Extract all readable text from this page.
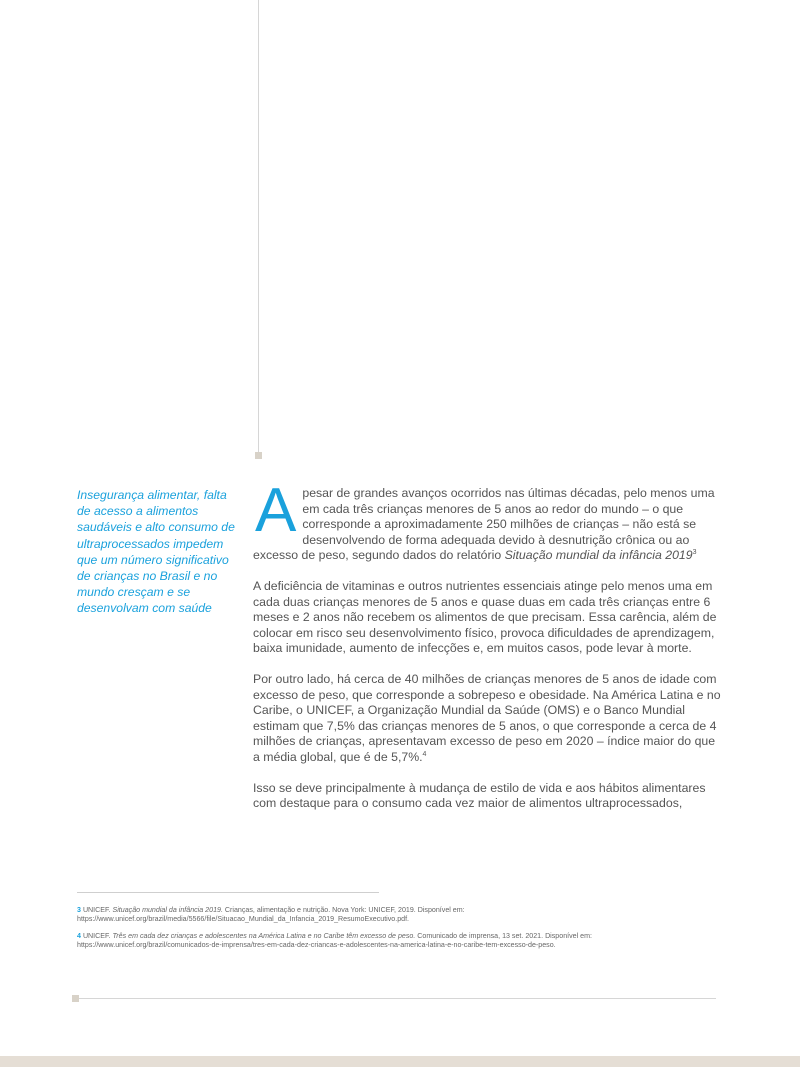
Insegurança alimentar, falta de acesso a alimentos saudáveis e alto consumo de ultraprocessados impedem que um número significativo de crianças no Brasil e no mundo cresçam e se desenvolvam com saúde

Apesar de grandes avanços ocorridos nas últimas décadas, pelo menos uma em cada três crianças menores de 5 anos ao redor do mundo – o que corresponde a aproximadamente 250 milhões de crianças – não está se desenvolvendo de forma adequada devido à desnutrição crônica ou ao excesso de peso, segundo dados do relatório Situação mundial da infância 2019$^3$

A deficiência de vitaminas e outros nutrientes essenciais atinge pelo menos uma em cada duas crianças menores de 5 anos e quase duas em cada três crianças entre 6 meses e 2 anos não recebem os alimentos de que precisam. Essa carência, além de colocar em risco seu desenvolvimento físico, provoca dificuldades de aprendizagem, baixa imunidade, aumento de infecções e, em muitos casos, pode levar à morte.

Por outro lado, há cerca de 40 milhões de crianças menores de 5 anos de idade com excesso de peso, que corresponde a sobrepeso e obesidade. Na América Latina e no Caribe, o UNICEF, a Organização Mundial da Saúde (OMS) e o Banco Mundial estimam que 7,5% das crianças menores de 5 anos, o que corresponde a cerca de 4 milhões de crianças, apresentavam excesso de peso em 2020 – índice maior do que a média global, que é de 5,7%.$^4$

Isso se deve principalmente à mudança de estilo de vida e aos hábitos alimentares com destaque para o consumo cada vez maior de alimentos ultraprocessados,

3 UNICEF. Situação mundial da infância 2019. Crianças, alimentação e nutrição. Nova York: UNICEF, 2019. Disponível em: https://www.unicef.org/brazil/media/5566/file/Situacao_Mundial_da_Infancia_2019_ResumoExecutivo.pdf.

4 UNICEF. Três em cada dez crianças e adolescentes na América Latina e no Caribe têm excesso de peso. Comunicado de imprensa, 13 set. 2021. Disponível em: https://www.unicef.org/brazil/comunicados-de-imprensa/tres-em-cada-dez-criancas-e-adolescentes-na-america-latina-e-no-caribe-tem-excesso-de-peso.
